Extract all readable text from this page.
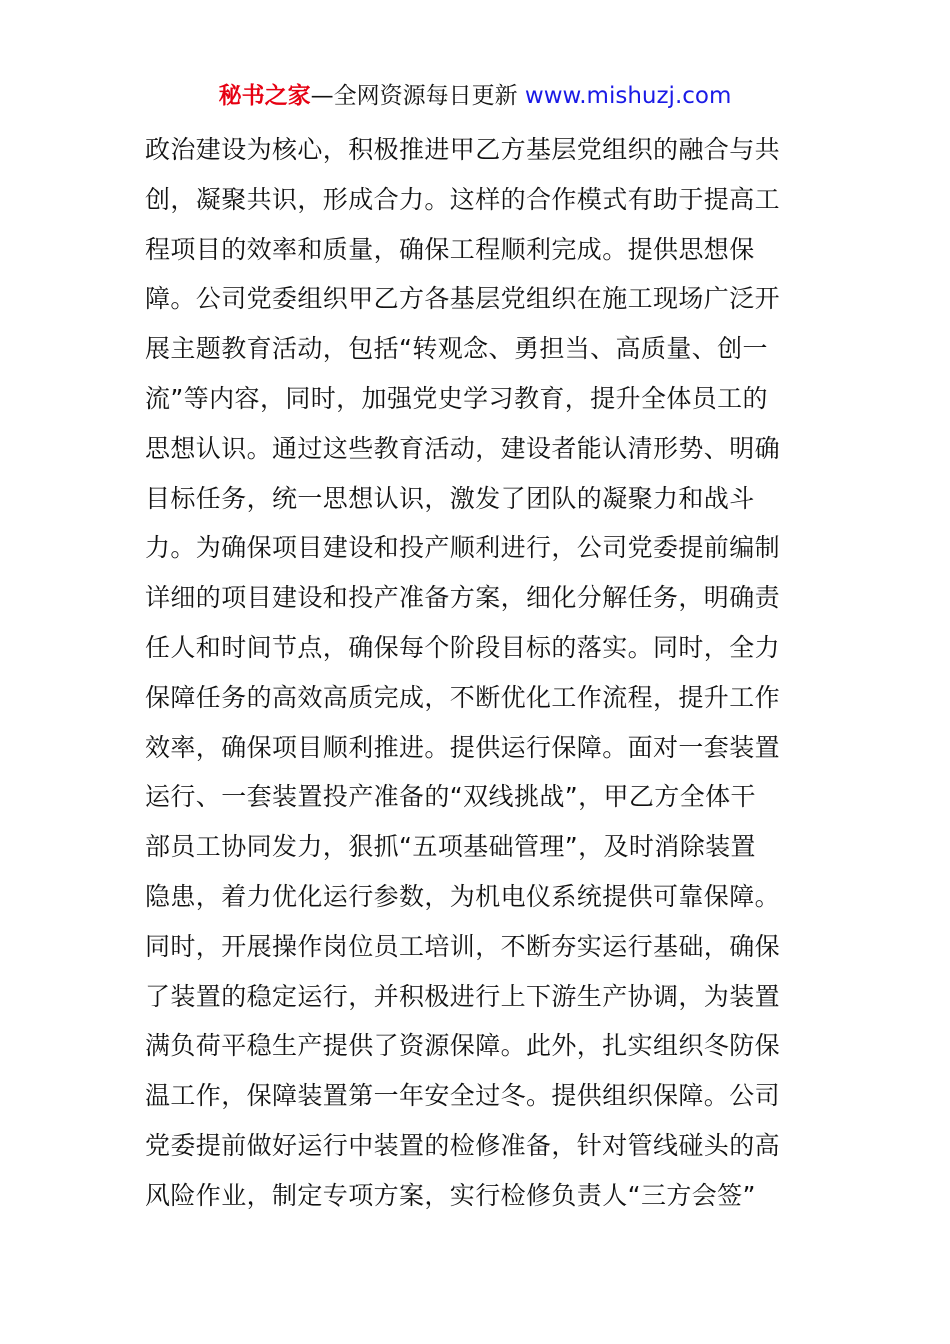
秘书之家—全网资源每日更新 www.mishuzj.com
政治建设为核心，积极推进甲乙方基层党组织的融合与共
创，凝聚共识，形成合力。这样的合作模式有助于提高工
程项目的效率和质量，确保工程顺利完成。提供思想保
障。公司党委组织甲乙方各基层党组织在施工现场广泛开
展主题教育活动，包括“转观念、勇担当、高质量、创一
流”等内容，同时，加强党史学习教育，提升全体员工的
思想认识。通过这些教育活动，建设者能认清形势、明确
目标任务，统一思想认识，激发了团队的凝聚力和战斗
力。为确保项目建设和投产顺利进行，公司党委提前编制
详细的项目建设和投产准备方案，细化分解任务，明确责
任人和时间节点，确保每个阶段目标的落实。同时，全力
保障任务的高效高质完成，不断优化工作流程，提升工作
效率，确保项目顺利推进。提供运行保障。面对一套装置
运行、一套装置投产准备的“双线挑战”，甲乙方全体干
部员工协同发力，狠抓“五项基础管理”，及时消除装置
隐患，着力优化运行参数，为机电仪系统提供可靠保障。
同时，开展操作岗位员工培训，不断夯实运行基础，确保
了装置的稳定运行，并积极进行上下游生产协调，为装置
满负荷平稳生产提供了资源保障。此外，扎实组织冬防保
温工作，保障装置第一年安全过冬。提供组织保障。公司
党委提前做好运行中装置的检修准备，针对管线碰头的高
风险作业，制定专项方案，实行检修负责人“三方会签”
